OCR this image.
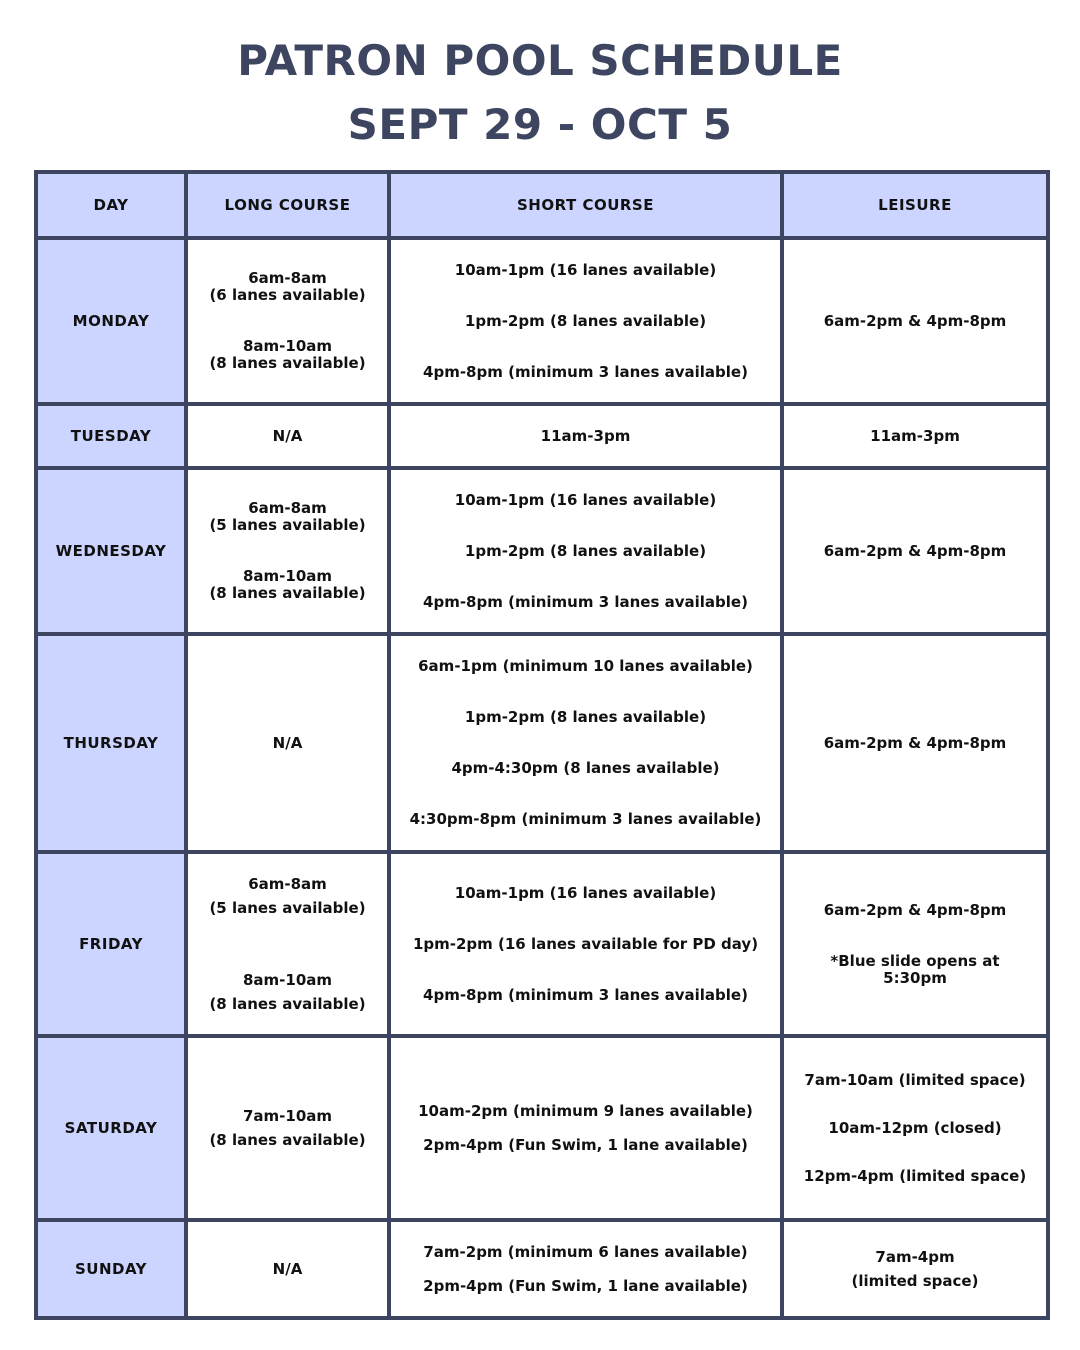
PATRON POOL SCHEDULE
SEPT 29 - OCT 5
DAY	LONG COURSE	SHORT COURSE	LEISURE
MONDAY	6am-8am
(6 lanes available)
8am-10am
(8 lanes available)	10am-1pm (16 lanes available)
1pm-2pm (8 lanes available)
4pm-8pm (minimum 3 lanes available)	6am-2pm & 4pm-8pm

TUESDAY	N/A	11am-3pm	11am-3pm

WEDNESDAY	6am-8am
(5 lanes available)
8am-10am
(8 lanes available)	10am-1pm (16 lanes available)
1pm-2pm (8 lanes available)
4pm-8pm (minimum 3 lanes available)	6am-2pm & 4pm-8pm

THURSDAY	N/A	6am-1pm (minimum 10 lanes available)
1pm-2pm (8 lanes available)
4pm-4:30pm (8 lanes available)
4:30pm-8pm (minimum 3 lanes available)	6am-2pm & 4pm-8pm

FRIDAY	6am-8am
(5 lanes available)
8am-10am
(8 lanes available)	10am-1pm (16 lanes available)
1pm-2pm (16 lanes available for PD day)
4pm-8pm (minimum 3 lanes available)	6am-2pm & 4pm-8pm
*Blue slide opens at
5:30pm

SATURDAY	7am-10am
(8 lanes available)	10am-2pm (minimum 9 lanes available)
2pm-4pm (Fun Swim, 1 lane available)	7am-10am (limited space)
10am-12pm (closed)
12pm-4pm (limited space)

SUNDAY	N/A	7am-2pm (minimum 6 lanes available)
2pm-4pm (Fun Swim, 1 lane available)	7am-4pm
(limited space)
